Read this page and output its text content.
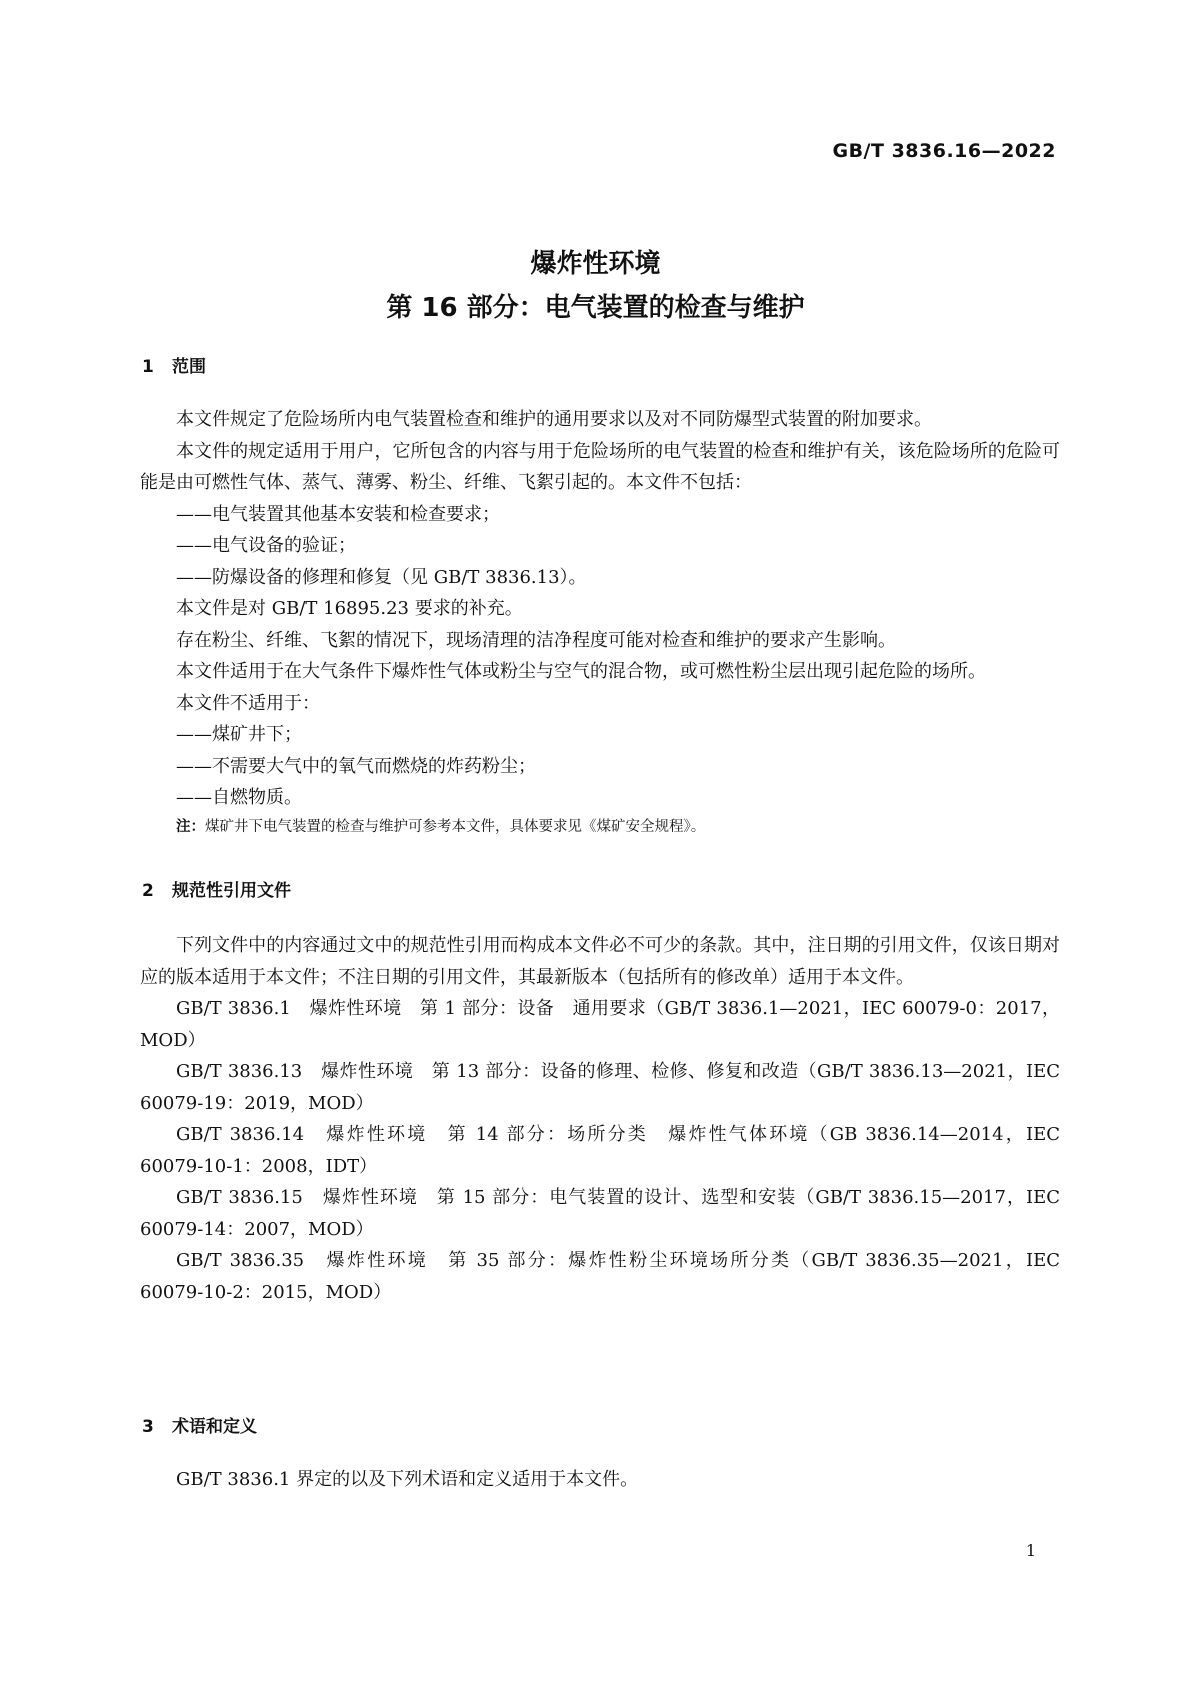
GB/T 3836.16—2022
爆炸性环境
第 16 部分：电气装置的检查与维护
1 范围

本文件规定了危险场所内电气装置检查和维护的通用要求以及对不同防爆型式装置的附加要求。

本文件的规定适用于用户，它所包含的内容与用于危险场所的电气装置的检查和维护有关，该危险场所的危险可能是由可燃性气体、蒸气、薄雾、粉尘、纤维、飞絮引起的。本文件不包括：

——电气装置其他基本安装和检查要求；

——电气设备的验证；

——防爆设备的修理和修复（见 GB/T 3836.13）。

本文件是对 GB/T 16895.23 要求的补充。

存在粉尘、纤维、飞絮的情况下，现场清理的洁净程度可能对检查和维护的要求产生影响。

本文件适用于在大气条件下爆炸性气体或粉尘与空气的混合物，或可燃性粉尘层出现引起危险的场所。

本文件不适用于：

——煤矿井下；

——不需要大气中的氧气而燃烧的炸药粉尘；

——自燃物质。

注：煤矿井下电气装置的检查与维护可参考本文件，具体要求见《煤矿安全规程》。

2 规范性引用文件

下列文件中的内容通过文中的规范性引用而构成本文件必不可少的条款。其中，注日期的引用文件，仅该日期对应的版本适用于本文件；不注日期的引用文件，其最新版本（包括所有的修改单）适用于本文件。

GB/T 3836.1　爆炸性环境　第 1 部分：设备　通用要求（GB/T 3836.1—2021，IEC 60079-0：2017，MOD）

GB/T 3836.13　爆炸性环境　第 13 部分：设备的修理、检修、修复和改造（GB/T 3836.13—2021，IEC 60079-19：2019，MOD）

GB/T 3836.14　爆炸性环境　第 14 部分：场所分类　爆炸性气体环境（GB 3836.14—2014，IEC 60079-10-1：2008，IDT）

GB/T 3836.15　爆炸性环境　第 15 部分：电气装置的设计、选型和安装（GB/T 3836.15—2017，IEC 60079-14：2007，MOD）

GB/T 3836.35　爆炸性环境　第 35 部分：爆炸性粉尘环境场所分类（GB/T 3836.35—2021，IEC 60079-10-2：2015，MOD）

3 术语和定义

GB/T 3836.1 界定的以及下列术语和定义适用于本文件。

1
